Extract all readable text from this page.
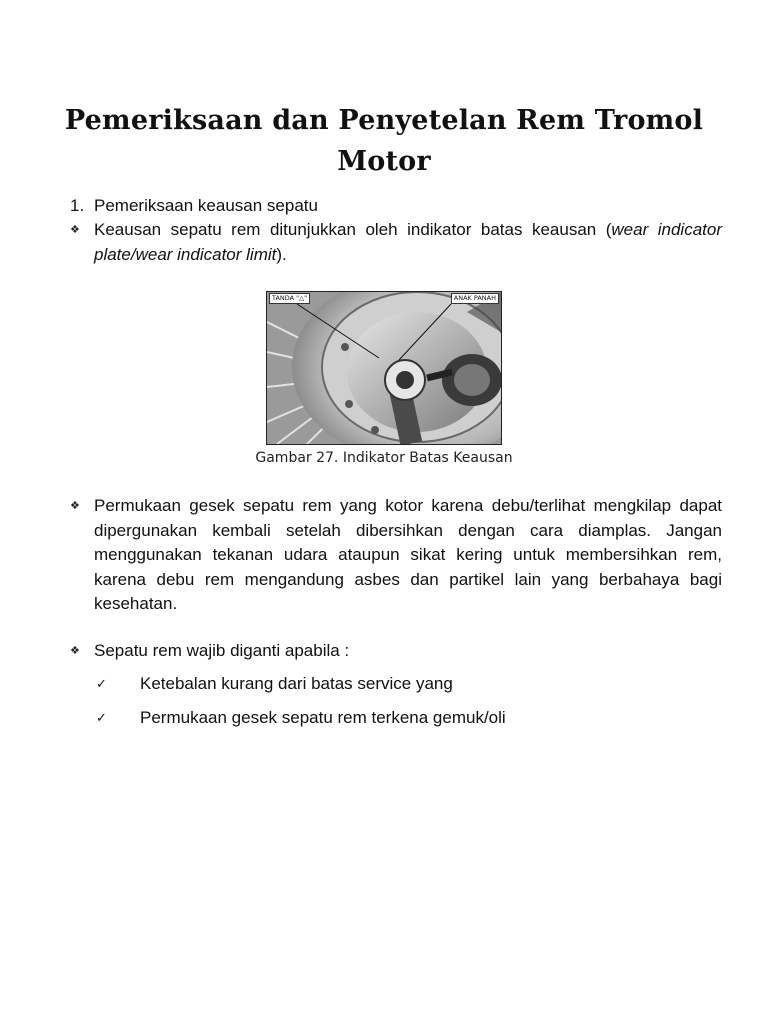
Pemeriksaan dan Penyetelan Rem Tromol Motor
1. Pemeriksaan keausan sepatu
❖ Keausan sepatu rem ditunjukkan oleh indikator batas keausan (wear indicator plate/wear indicator limit).
TANDA "△"	ANAK PANAH
Gambar 27. Indikator Batas Keausan
❖ Permukaan gesek sepatu rem yang kotor karena debu/terlihat mengkilap dapat dipergunakan kembali setelah dibersihkan dengan cara diamplas. Jangan menggunakan tekanan udara ataupun sikat kering untuk membersihkan rem, karena debu rem mengandung asbes dan partikel lain yang berbahaya bagi kesehatan.
❖ Sepatu rem wajib diganti apabila :
✓ Ketebalan kurang dari batas service yang
✓ Permukaan gesek sepatu rem terkena gemuk/oli
